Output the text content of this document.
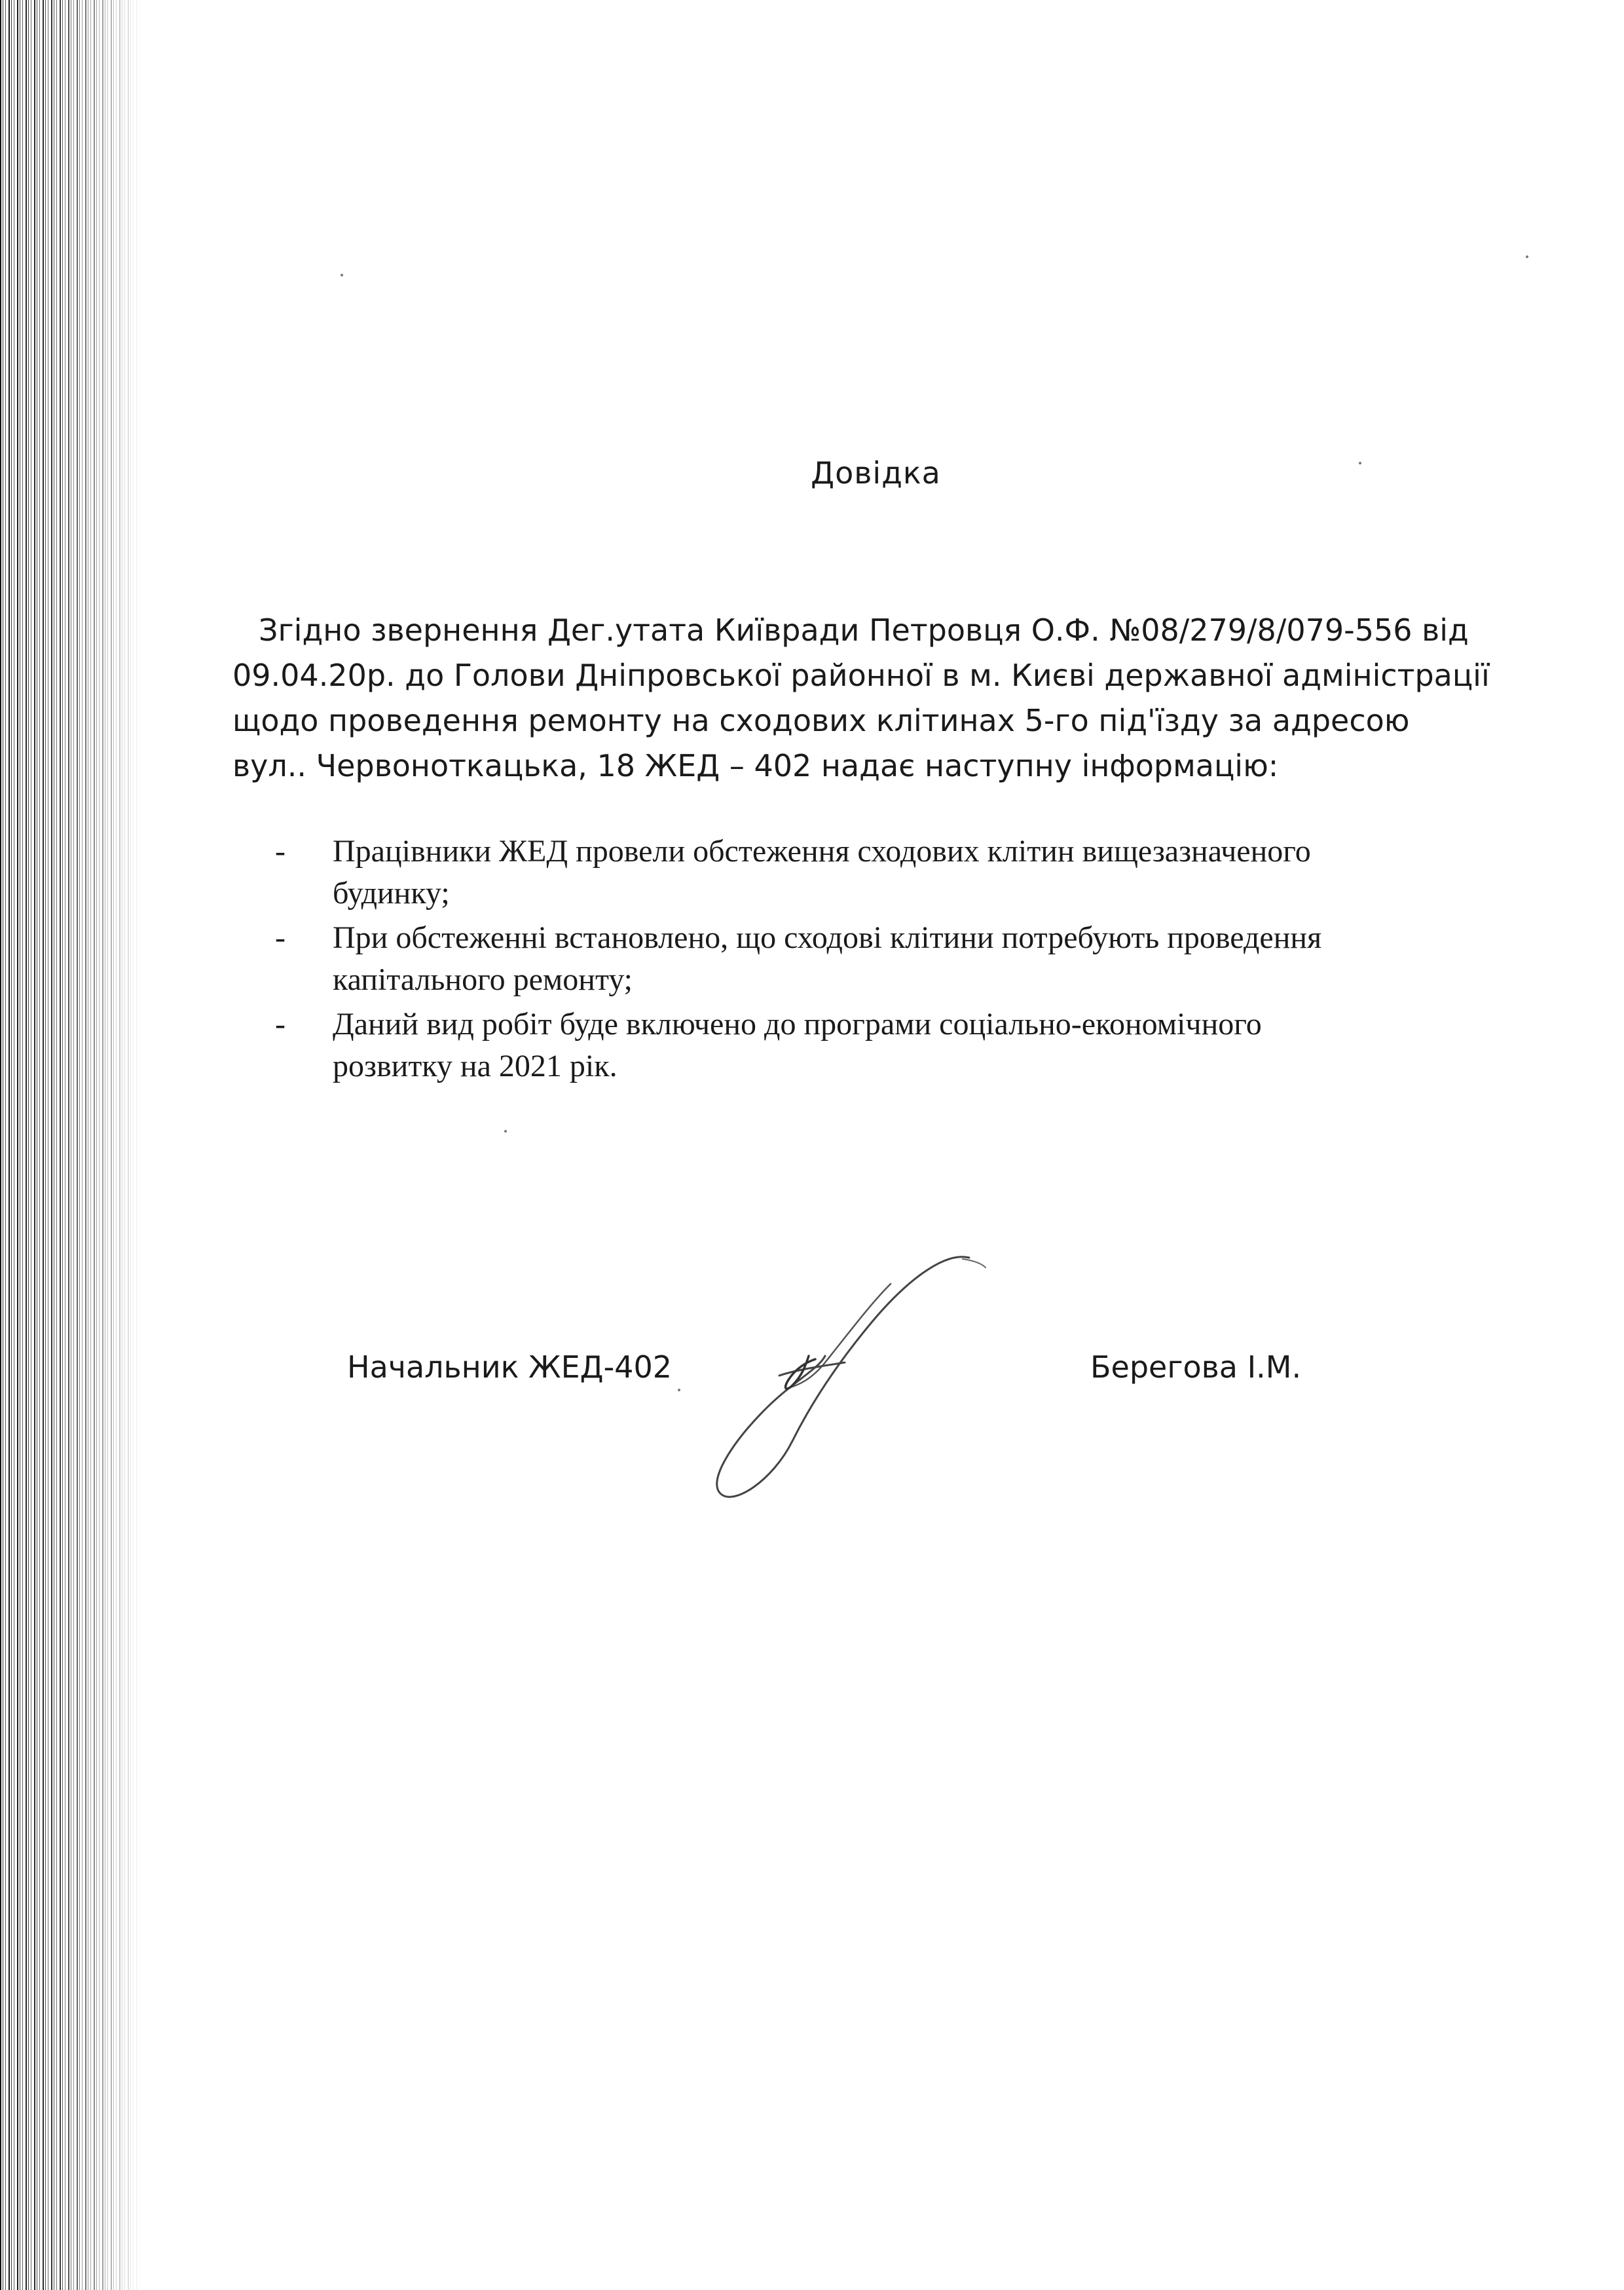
Довідка
Згідно звернення Дег.утата Київради Петровця О.Ф. №08/279/8/079-556 від
09.04.20р. до Голови Дніпровської районної в м. Києві державної адміністрації
щодо проведення ремонту на сходових клітинах 5-го під'їзду за адресою
вул.. Червоноткацька, 18 ЖЕД – 402 надає наступну інформацію:
- Працівники ЖЕД провели обстеження сходових клітин вищезазначеного
будинку;
- При обстеженні встановлено, що сходові клітини потребують проведення
капітального ремонту;
- Даний вид робіт буде включено до програми соціально-економічного
розвитку на 2021 рік.
Начальник ЖЕД-402	Берегова І.М.
